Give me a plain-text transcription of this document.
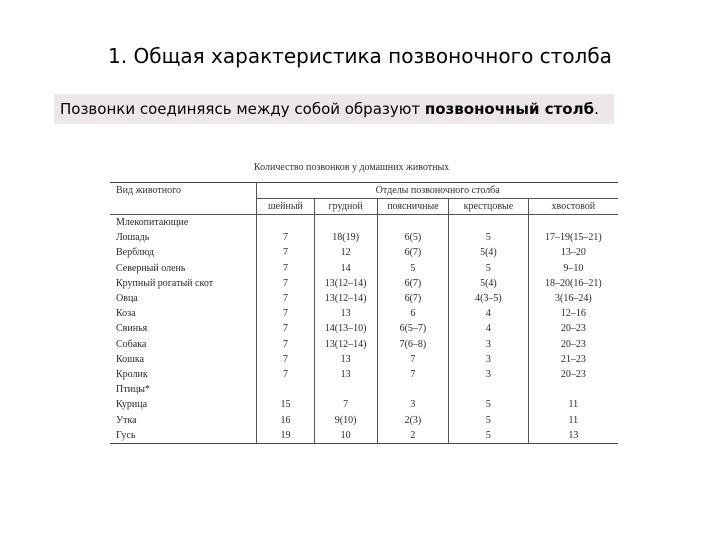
1. Общая характеристика позвоночного столба
Позвонки соединяясь между собой образуют позвоночный столб.
Количество позвонков у домашних животных
Вид животного	Отделы позвоночного столба				
	шейный	грудной	поясничные	крестцовые	хвостовой
Млекопитающие					
Лошадь	7	18(19)	6(5)	5	17–19(15–21)
Верблюд	7	12	6(7)	5(4)	13–20
Северный олень	7	14	5	5	9–10
Крупный рогатый скот	7	13(12–14)	6(7)	5(4)	18–20(16–21)
Овца	7	13(12–14)	6(7)	4(3–5)	3(16–24)
Коза	7	13	6	4	12–16
Свинья	7	14(13–10)	6(5–7)	4	20–23
Собака	7	13(12–14)	7(6–8)	3	20–23
Кошка	7	13	7	3	21–23
Кролик	7	13	7	3	20–23
Птицы*					
Курица	15	7	3	5	11
Утка	16	9(10)	2(3)	5	11
Гусь	19	10	2	5	13
